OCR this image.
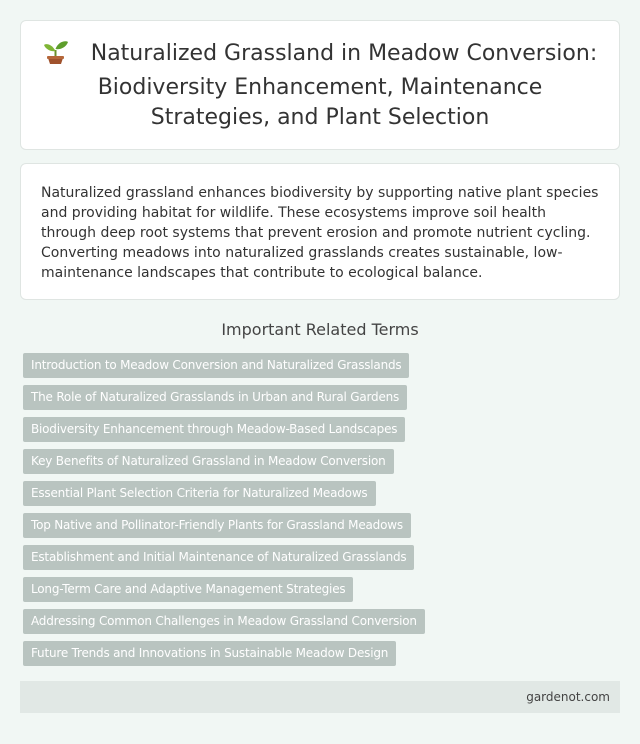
Naturalized Grassland in Meadow Conversion: Biodiversity Enhancement, Maintenance Strategies, and Plant Selection

Naturalized grassland enhances biodiversity by supporting native plant species and providing habitat for wildlife. These ecosystems improve soil health through deep root systems that prevent erosion and promote nutrient cycling. Converting meadows into naturalized grasslands creates sustainable, low-maintenance landscapes that contribute to ecological balance.

Important Related Terms
Introduction to Meadow Conversion and Naturalized Grasslands
The Role of Naturalized Grasslands in Urban and Rural Gardens
Biodiversity Enhancement through Meadow-Based Landscapes
Key Benefits of Naturalized Grassland in Meadow Conversion
Essential Plant Selection Criteria for Naturalized Meadows
Top Native and Pollinator-Friendly Plants for Grassland Meadows
Establishment and Initial Maintenance of Naturalized Grasslands
Long-Term Care and Adaptive Management Strategies
Addressing Common Challenges in Meadow Grassland Conversion
Future Trends and Innovations in Sustainable Meadow Design
gardenot.com
